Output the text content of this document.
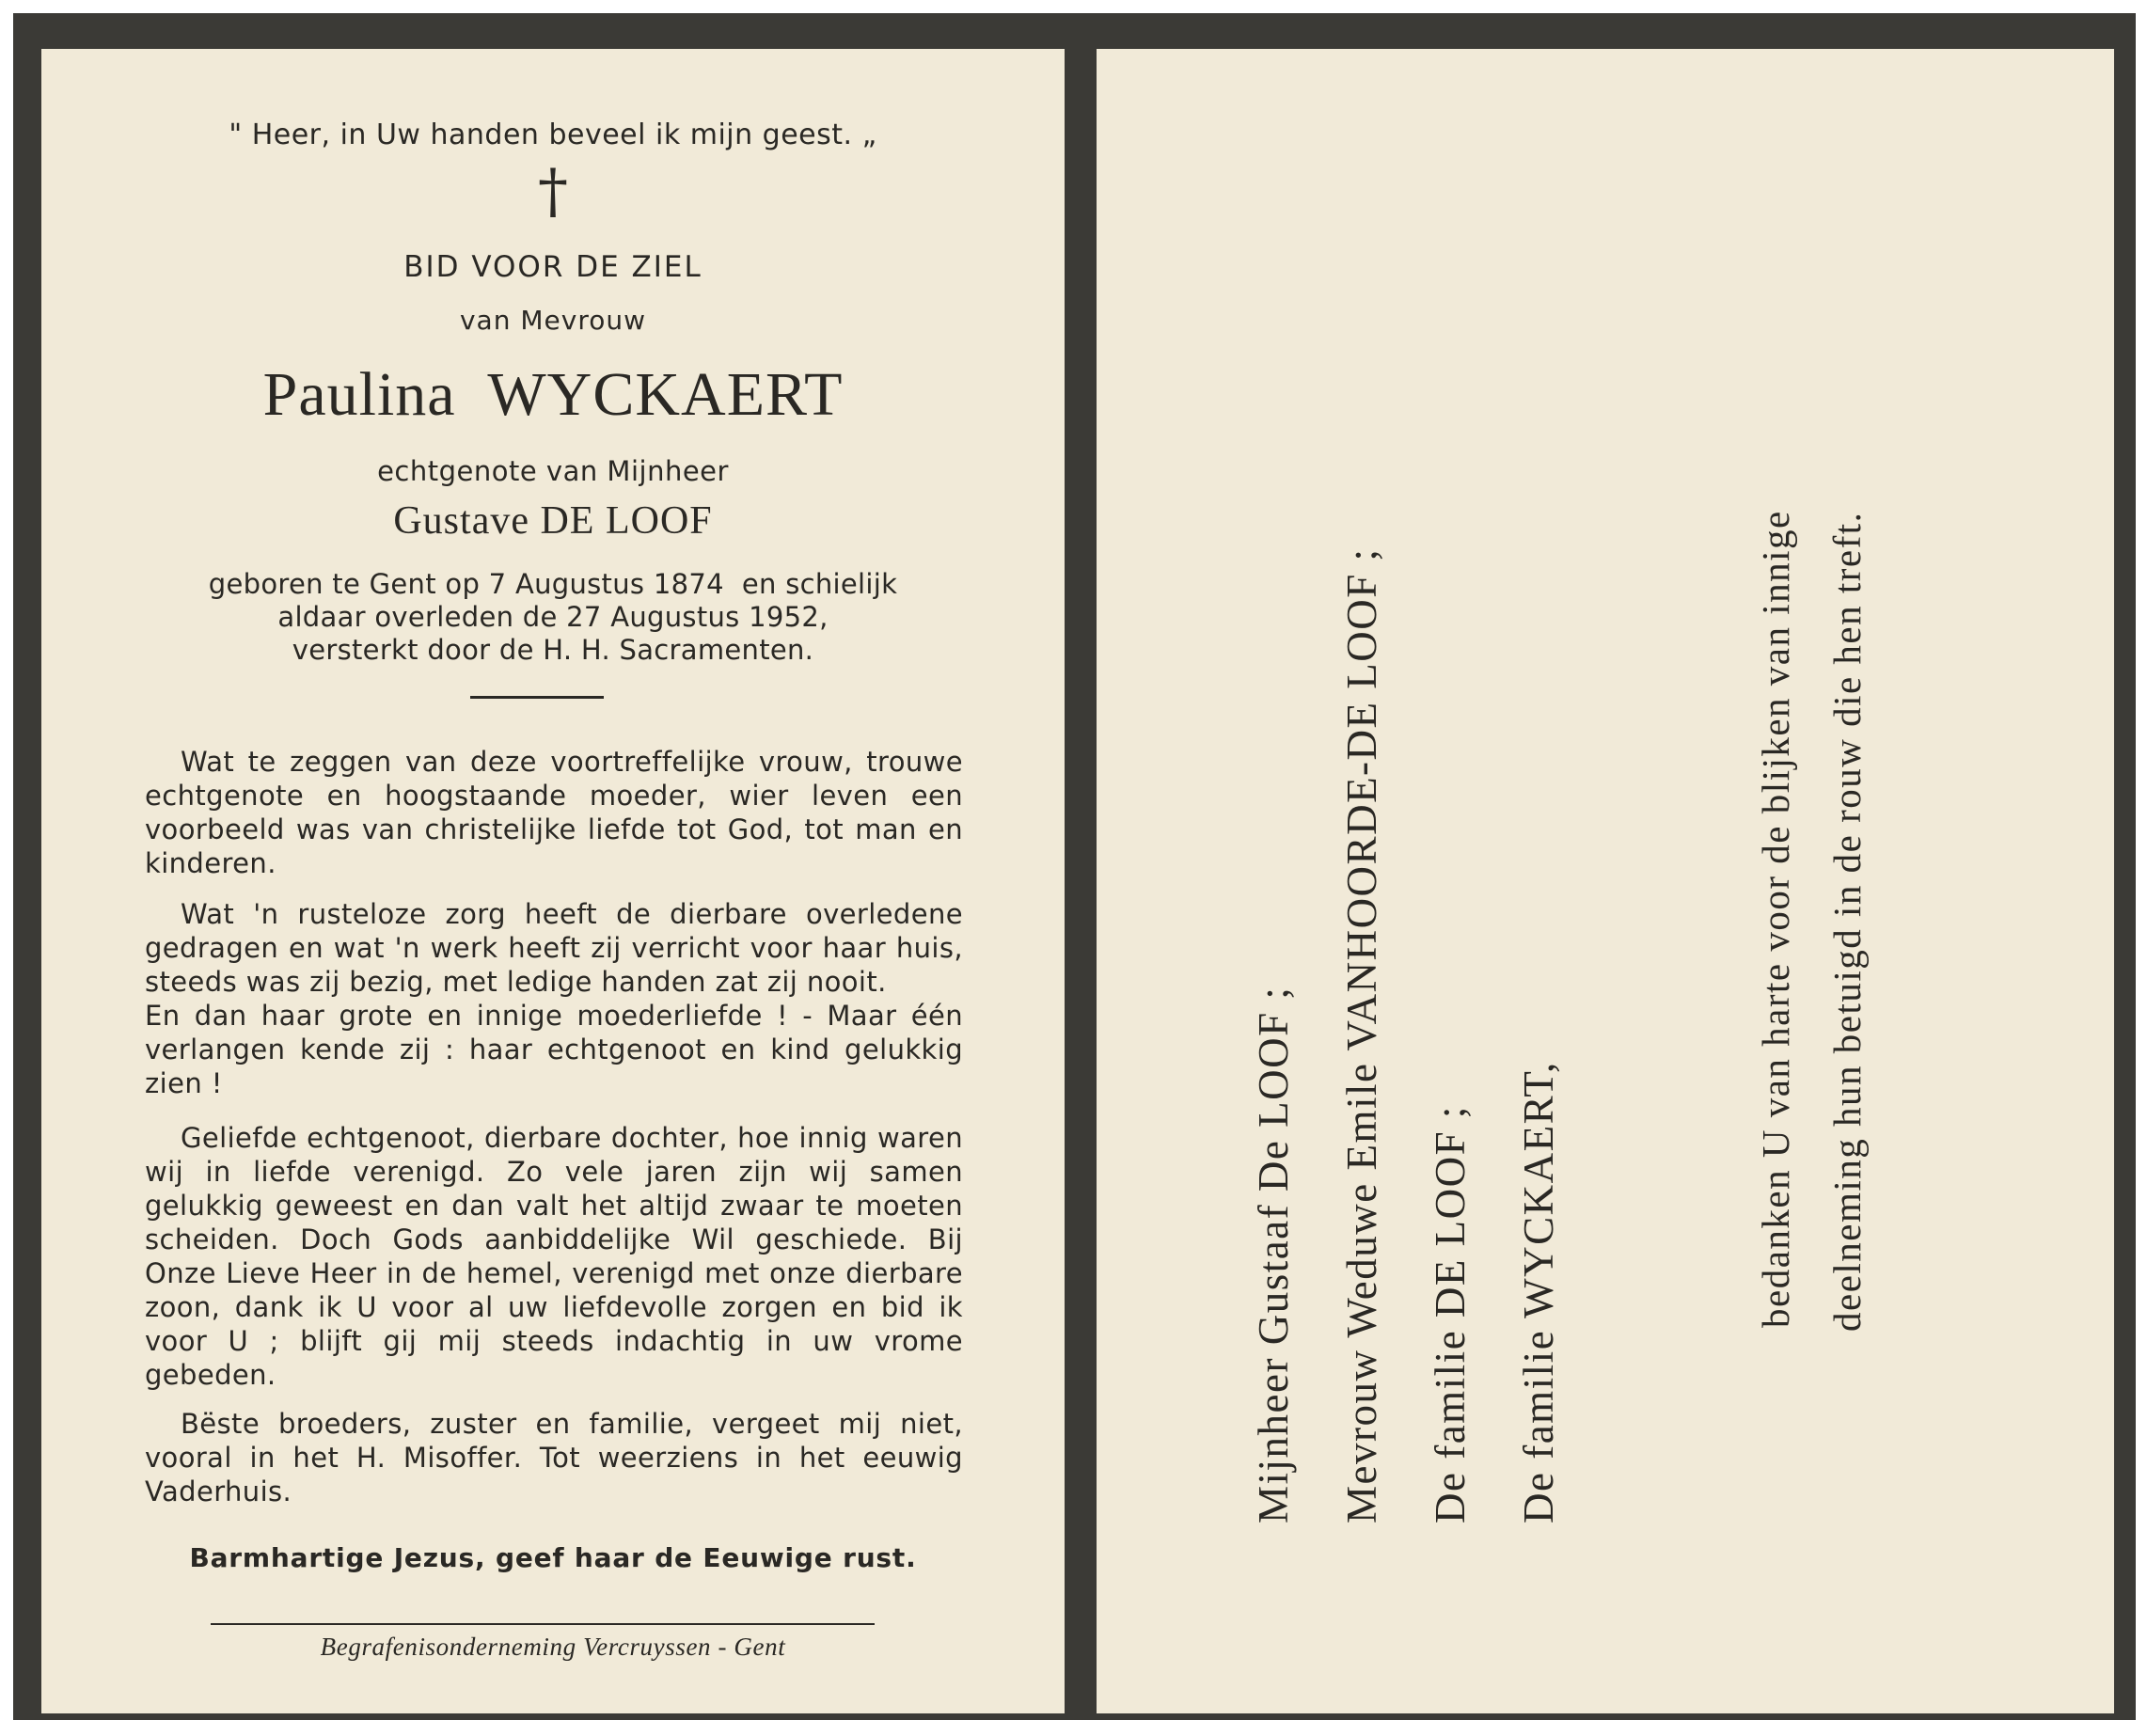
" Heer, in Uw handen beveel ik mijn geest. „
†
BID VOOR DE ZIEL
van Mevrouw
Paulina  WYCKAERT
echtgenote van Mijnheer
Gustave DE LOOF
geboren te Gent op 7 Augustus 1874  en schielijk
aldaar overleden de 27 Augustus 1952,
versterkt door de H. H. Sacramenten.
Wat te zeggen van deze voortreffelijke vrouw, trouwe echtgenote en hoogstaande moeder, wier leven een voorbeeld was van christelijke liefde tot God, tot man en kinderen.
Wat 'n rusteloze zorg heeft de dierbare overledene gedragen en wat 'n werk heeft zij verricht voor haar huis, steeds was zij bezig, met ledige handen zat zij nooit.
En dan haar grote en innige moederliefde ! - Maar één verlangen kende zij : haar echtgenoot en kind gelukkig zien !
Geliefde echtgenoot, dierbare dochter, hoe innig waren wij in liefde verenigd. Zo vele jaren zijn wij samen gelukkig geweest en dan valt het altijd zwaar te moeten scheiden. Doch Gods aanbiddelijke Wil geschiede. Bij Onze Lieve Heer in de hemel, verenigd met onze dierbare zoon, dank ik U voor al uw liefdevolle zorgen en bid ik voor U ; blijft gij mij steeds indachtig in uw vrome gebeden.
Bëste broeders, zuster en familie, vergeet mij niet, vooral in het H. Misoffer. Tot weerziens in het eeuwig Vaderhuis.
Barmhartige Jezus, geef haar de Eeuwige rust.
Begrafenisonderneming Vercruyssen - Gent
Mijnheer Gustaaf De LOOF ; Mevrouw Weduwe Emile VANHOORDE-DE LOOF ; De familie DE LOOF ; De familie WYCKAERT,	bedanken U van harte voor de blijken van innige deelneming hun betuigd in de rouw die hen treft.
